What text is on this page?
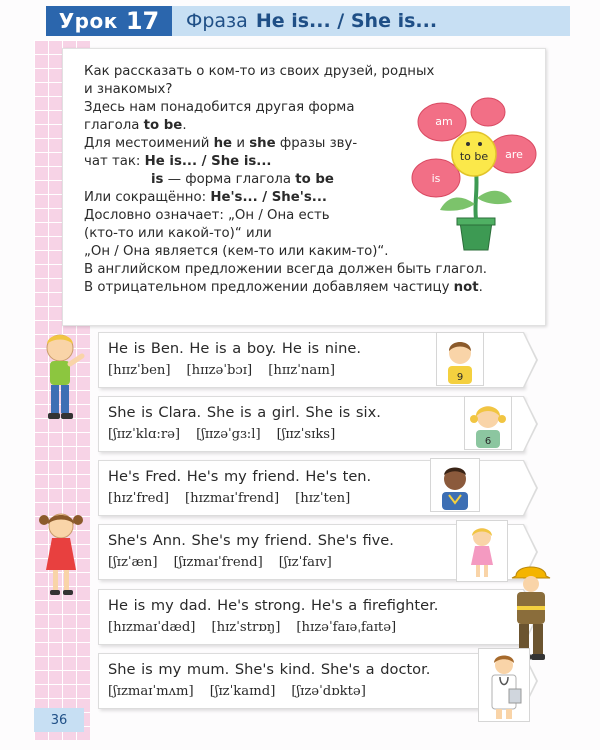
Урок 17 Фраза He is... / She is...
Как рассказать о ком-то из своих друзей, родных
и знакомых?
Здесь нам понадобится другая форма
глагола to be.
Для местоимений he и she фразы зву-
чат так: He is... / She is...
is — форма глагола to be
Или сокращённо: He's... / She's...
Дословно означает: „Он / Она есть
(кто-то или какой-то)“ или
„Он / Она является (кем-то или каким-то)“.
В английском предложении всегда должен быть глагол.
В отрицательном предложении добавляем частицу not.
to be
am
are
is
He is Ben. He is a boy. He is nine.
[hɪɪzˈben] [hɪɪzəˈbɔɪ] [hɪɪzˈnaɪn]	9
She is Clara. She is a girl. She is six.
[ʃɪɪzˈklɑ:rə] [ʃɪɪzəˈgɜ:l] [ʃɪɪzˈsɪks]	6
He's Fred. He's my friend. He's ten.
[hɪzˈfred] [hɪzmaɪˈfrend] [hɪzˈten]
She's Ann. She's my friend. She's five.
[ʃɪzˈæn] [ʃɪzmaɪˈfrend] [ʃɪzˈfaɪv]
He is my dad. He's strong. He's a firefighter.
[hɪzmaɪˈdæd] [hɪzˈstrɒŋ] [hɪzəˈfaɪəˌfaɪtə]
She is my mum. She's kind. She's a doctor.
[ʃɪzmaɪˈmʌm] [ʃɪzˈkaɪnd] [ʃɪzəˈdɒktə]
36
